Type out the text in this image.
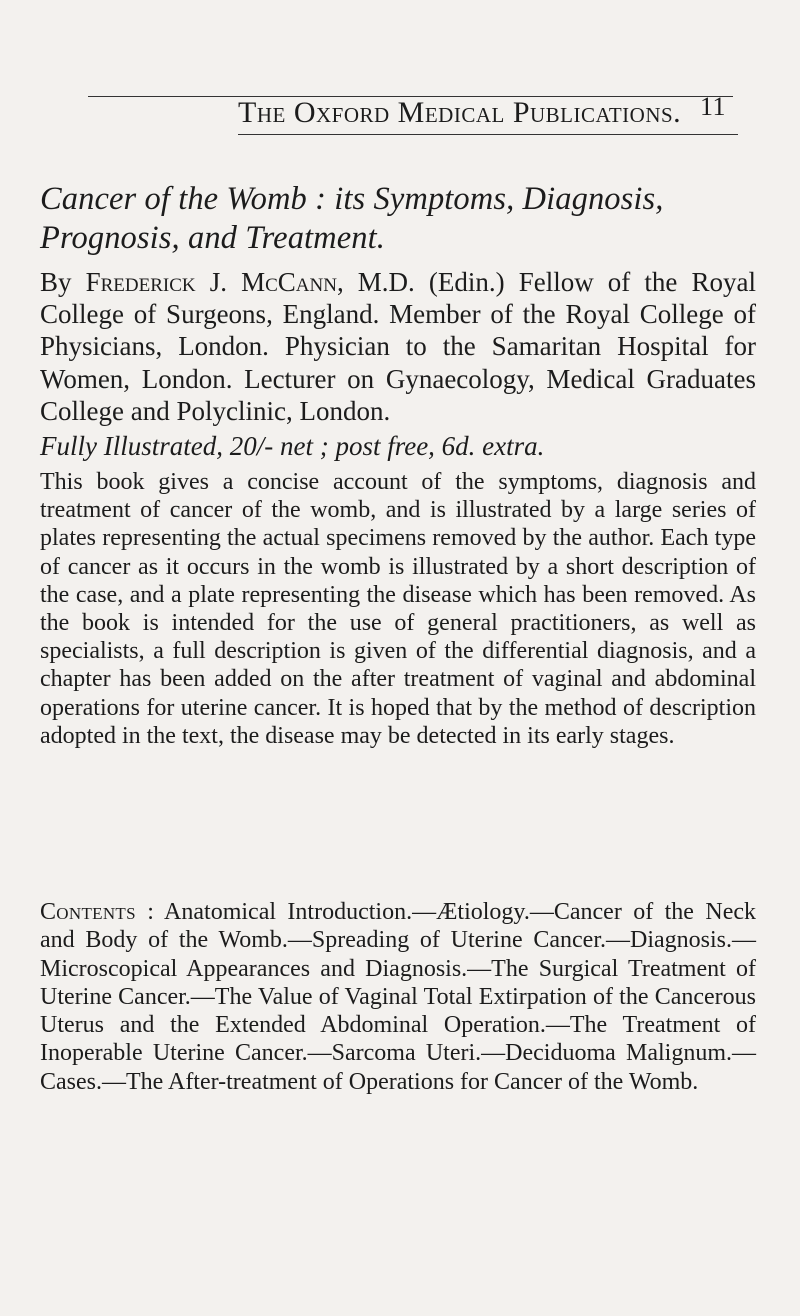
The Oxford Medical Publications. 11
Cancer of the Womb : its Symptoms, Diagnosis, Prognosis, and Treatment.

By Frederick J. McCann, M.D. (Edin.) Fellow of the Royal College of Surgeons, England. Member of the Royal College of Physicians, London. Physician to the Samaritan Hospital for Women, London. Lecturer on Gynaecology, Medical Graduates College and Polyclinic, London.

Fully Illustrated, 20/- net ; post free, 6d. extra.

This book gives a concise account of the symptoms, diagnosis and treatment of cancer of the womb, and is illustrated by a large series of plates representing the actual specimens removed by the author. Each type of cancer as it occurs in the womb is illustrated by a short description of the case, and a plate representing the disease which has been removed. As the book is intended for the use of general practitioners, as well as specialists, a full description is given of the differential diagnosis, and a chapter has been added on the after treatment of vaginal and abdominal operations for uterine cancer. It is hoped that by the method of description adopted in the text, the disease may be detected in its early stages.

Contents : Anatomical Introduction.—Ætiology.—Cancer of the Neck and Body of the Womb.—Spreading of Uterine Cancer.—Diagnosis.—Microscopical Appearances and Diagnosis.—The Surgical Treatment of Uterine Cancer.—The Value of Vaginal Total Extirpation of the Cancerous Uterus and the Extended Abdominal Operation.—The Treatment of Inoperable Uterine Cancer.—Sarcoma Uteri.—Deciduoma Malignum.—Cases.—The After-treatment of Operations for Cancer of the Womb.
